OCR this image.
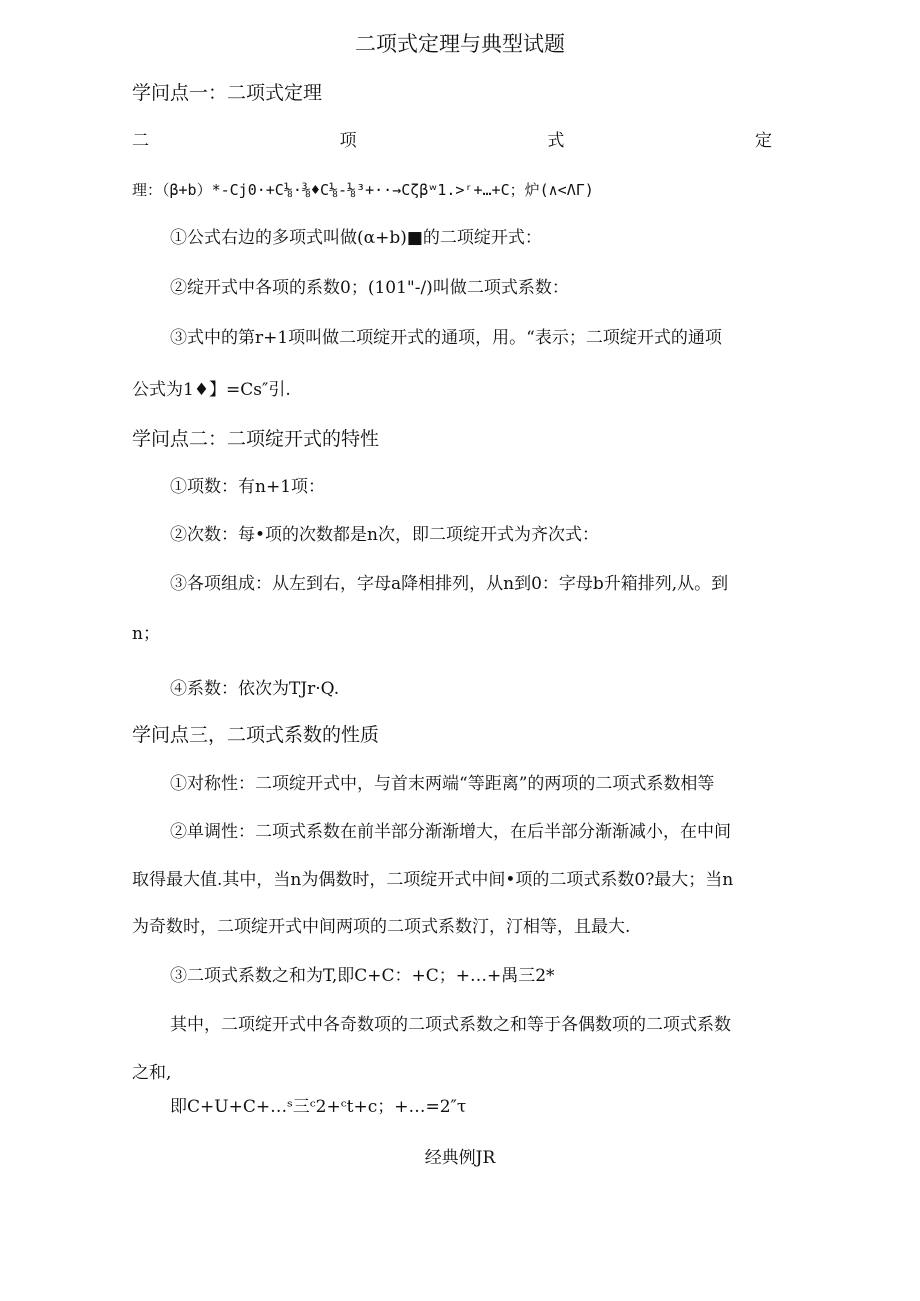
二项式定理与典型试题
学问点一：二项式定理
二	项	式	定
理：（β+b）*-Cj0·+C⅛·⅜♦C⅛-⅛³+··→Cζβʷ1.>ʳ+…+C；炉(∧<ΛΓ)
①公式右边的多项式叫做(α+b)■的二项绽开式：
②绽开式中各项的系数0；(101"-/)叫做二项式系数：
③式中的第r+1项叫做二项绽开式的通项，用。“表示；二项绽开式的通项
公式为1♦】=Cs″引.
学问点二：二项绽开式的特性
①项数：有n+1项：
②次数：每•项的次数都是n次，即二项绽开式为齐次式：
③各项组成：从左到右，字母a降相排列，从n到0：字母b升箱排列,从。到
n；
④系数：依次为TJr·Q.
学问点三，二项式系数的性质
①对称性：二项绽开式中，与首末两端“等距离”的两项的二项式系数相等
②单调性：二项式系数在前半部分渐渐增大，在后半部分渐渐减小，在中间
取得最大值.其中，当n为偶数时，二项绽开式中间•项的二项式系数0?最大；当n
为奇数时，二项绽开式中间两项的二项式系数汀，汀相等，且最大.
③二项式系数之和为T,即C+C：+C；+…+禺三2*
其中，二项绽开式中各奇数项的二项式系数之和等于各偶数项的二项式系数
之和,
即C+U+C+…ˢ三ᶜ2+ᶜt+c；+…=2″τ
经典例JR
